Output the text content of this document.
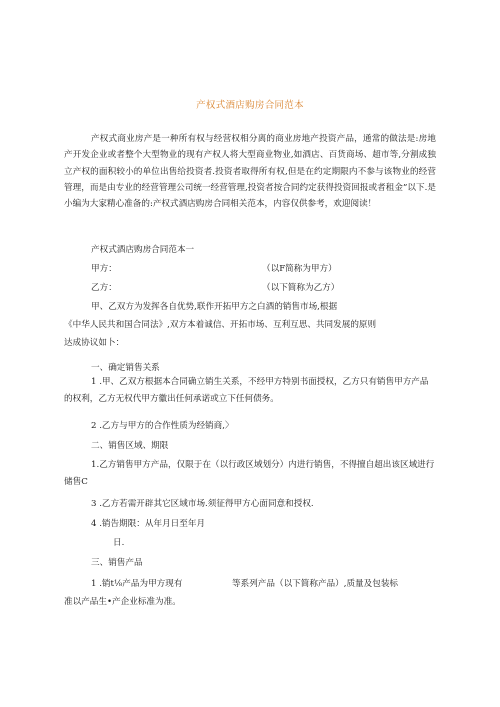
产权式酒店购房合同范本

产权式商业房产是一种所有权与经营权相分离的商业房地产投资产品，通常的做法是:房地产开发企业或者整个大型物业的现有产权人将大型商业物业,如酒店、百货商场、超市等,分割成独立产权的面积较小的单位出售给投资者.投资者取得所有权,但是在约定期限内不参与该物业的经营管理，而是由专业的经营管理公司统一经营管理,投资者按合同约定获得投资回报或者租金”以下.是小编为大家精心准备的:产权式酒店购房合同相关范本，内容仅供参考，欢迎阅读！

产权式酒店购房合同范本一

甲方：	（以F简称为甲方）

乙方：	（以下简称为乙方）

甲、乙双方为发挥各自优势,联作开拓甲方之白酒的销售市场,根据

《中华人民共和国合同法》,双方本着诚信、开拓市场、互利互思、共同发展的原则

达成协议如卜：

一、确定销售关系

1 .甲、乙双方根据本合同确立销生关系，不经甲方特别书面授权，乙方只有销售甲方产品的权利，乙方无权代甲方徽出任何承诺或立下任何债务。

2 .乙方与甲方的合作性质为经销商,〉

二、销售区域、期限

1.乙方销售甲方产品，仅限于在（以行政区域划分）内进行销售，不得擅自超出该区域进行储售C

3 .乙方若需开辟其它区域市场.须征得甲方心面同意和授权.

4 .销告期限：从年月日至年月

日.

三、销售产品

1 .销t⅛产品为甲方现有	等系列产品（以下简称产品）,质量及包装标

准以产品生•产企业标准为准。
